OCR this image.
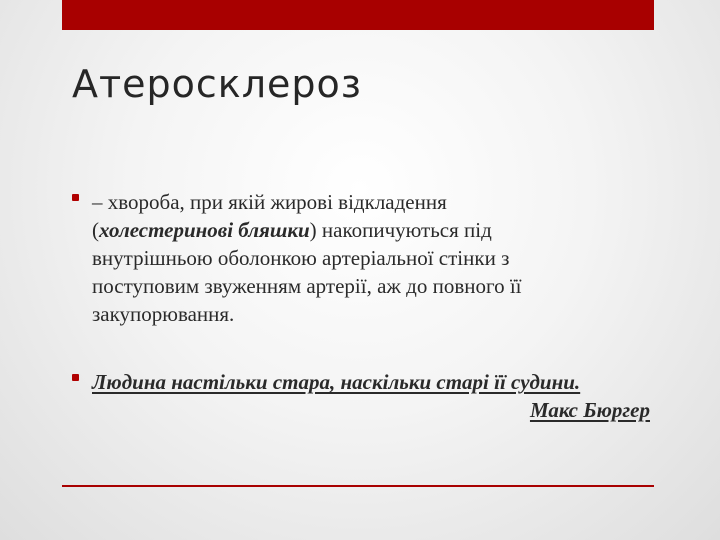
Атеросклероз
– хвороба, при якій жирові відкладення
(холестеринові бляшки) накопичуються під
внутрішньою оболонкою артеріальної стінки з
поступовим звуженням артерії, аж до повного її
закупорювання.
Людина настільки стара, наскільки старі її судини.
Макс Бюргер
